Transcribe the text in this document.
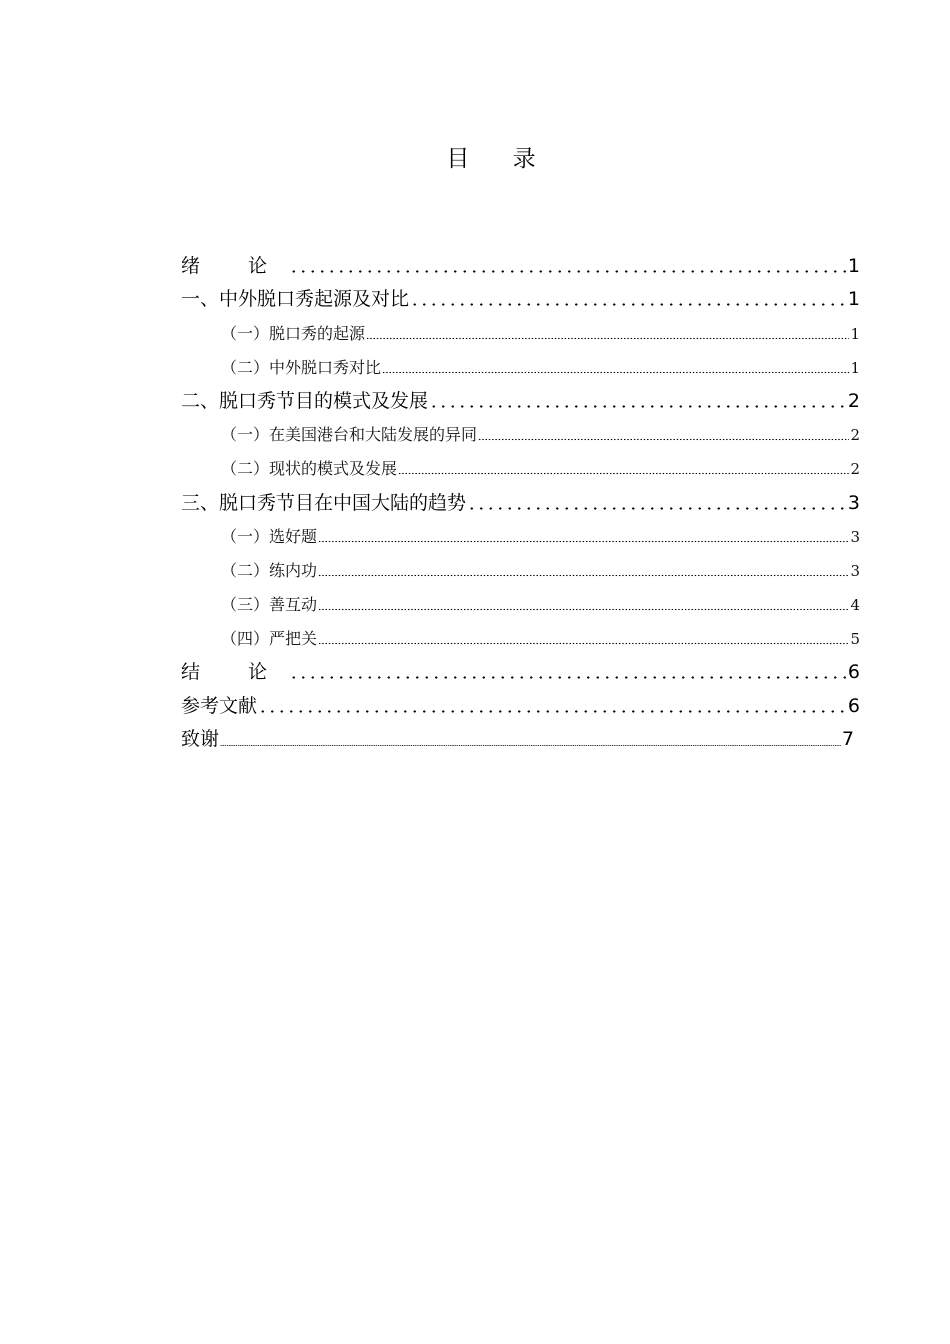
目 录
绪 论	1
一、中外脱口秀起源及对比	1
（一）脱口秀的起源	1
（二）中外脱口秀对比	1
二、脱口秀节目的模式及发展	2
（一）在美国港台和大陆发展的异同	2
（二）现状的模式及发展	2
三、脱口秀节目在中国大陆的趋势	3
（一）选好题	3
（二）练内功	3
（三）善互动	4
（四）严把关	5
结 论	6
参考文献	6
致谢	7
